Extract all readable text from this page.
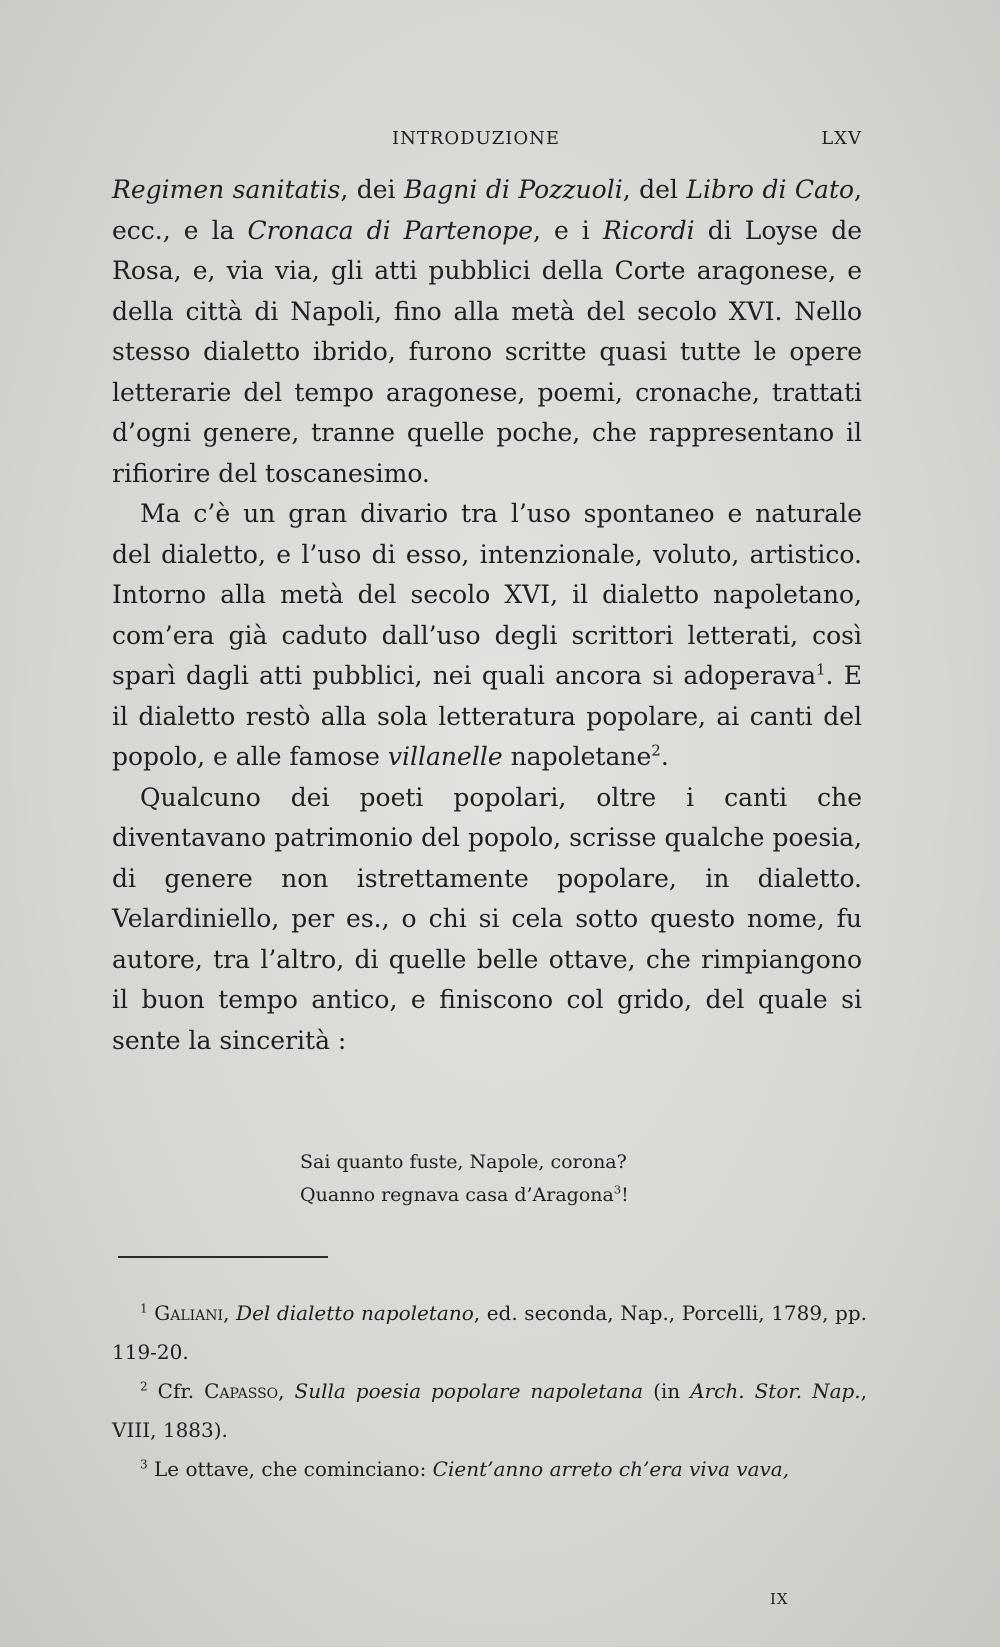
INTRODUZIONE	LXV

Regimen sanitatis, dei Bagni di Pozzuoli, del Libro di Cato, ecc., e la Cronaca di Partenope, e i Ricordi di Loyse de Rosa, e, via via, gli atti pubblici della Corte aragonese, e della città di Napoli, fino alla metà del secolo XVI. Nello stesso dialetto ibrido, furono scritte quasi tutte le opere letterarie del tempo aragonese, poemi, cronache, trattati d’ogni genere, tranne quelle poche, che rappresentano il rifiorire del toscanesimo.

Ma c’è un gran divario tra l’uso spontaneo e naturale del dialetto, e l’uso di esso, intenzionale, voluto, artistico. Intorno alla metà del secolo XVI, il dialetto napoletano, com’era già caduto dall’uso degli scrittori letterati, così sparì dagli atti pubblici, nei quali ancora si adoperava$^1$. E il dialetto restò alla sola letteratura popolare, ai canti del popolo, e alle famose villanelle napoletane$^2$.

Qualcuno dei poeti popolari, oltre i canti che diventavano patrimonio del popolo, scrisse qualche poesia, di genere non istrettamente popolare, in dialetto. Velardiniello, per es., o chi si cela sotto questo nome, fu autore, tra l’altro, di quelle belle ottave, che rimpiangono il buon tempo antico, e finiscono col grido, del quale si sente la sincerità :

Sai quanto fuste, Napole, corona?
Quanno regnava casa d’Aragona$^3$!

$^1$ Galiani, Del dialetto napoletano, ed. seconda, Nap., Porcelli, 1789, pp. 119-20.

$^2$ Cfr. Capasso, Sulla poesia popolare napoletana (in Arch. Stor. Nap., VIII, 1883).

$^3$ Le ottave, che cominciano: Cient’anno arreto ch’era viva vava,

IX
